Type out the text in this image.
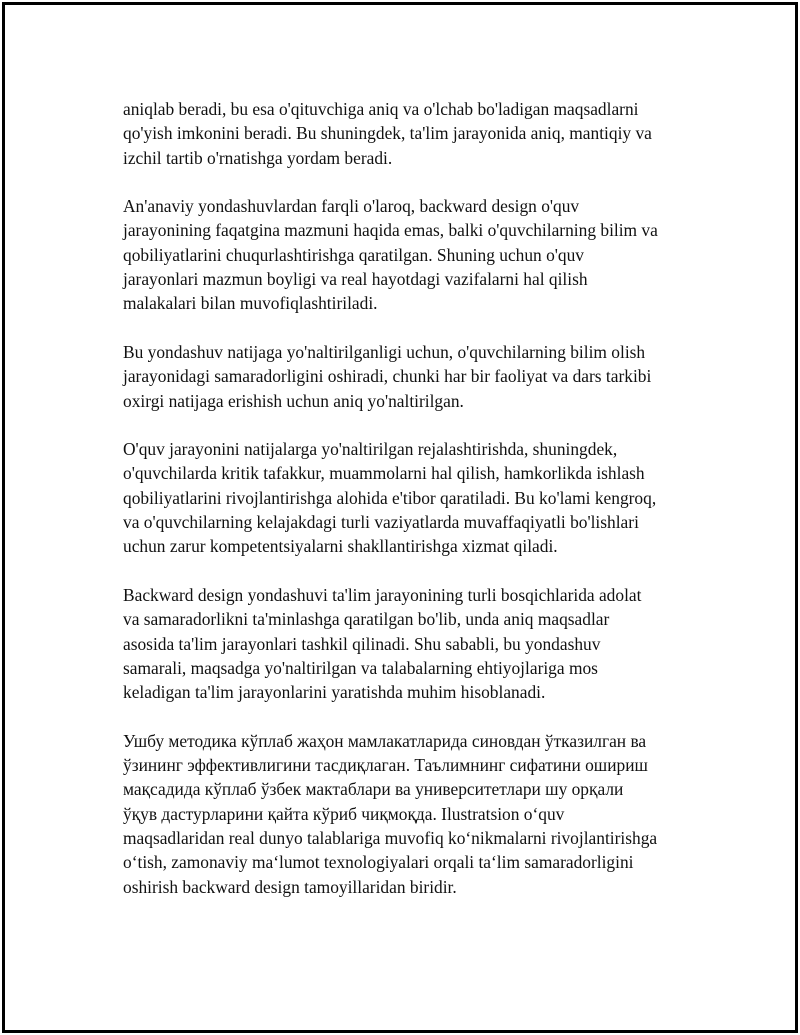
aniqlab beradi, bu esa o'qituvchiga aniq va o'lchab bo'ladigan maqsadlarni
qo'yish imkonini beradi. Bu shuningdek, ta'lim jarayonida aniq, mantiqiy va
izchil tartib o'rnatishga yordam beradi.

An'anaviy yondashuvlardan farqli o'laroq, backward design o'quv
jarayonining faqatgina mazmuni haqida emas, balki o'quvchilarning bilim va
qobiliyatlarini chuqurlashtirishga qaratilgan. Shuning uchun o'quv
jarayonlari mazmun boyligi va real hayotdagi vazifalarni hal qilish
malakalari bilan muvofiqlashtiriladi.

Bu yondashuv natijaga yo'naltirilganligi uchun, o'quvchilarning bilim olish
jarayonidagi samaradorligini oshiradi, chunki har bir faoliyat va dars tarkibi
oxirgi natijaga erishish uchun aniq yo'naltirilgan.

O'quv jarayonini natijalarga yo'naltirilgan rejalashtirishda, shuningdek,
o'quvchilarda kritik tafakkur, muammolarni hal qilish, hamkorlikda ishlash
qobiliyatlarini rivojlantirishga alohida e'tibor qaratiladi. Bu ko'lami kengroq,
va o'quvchilarning kelajakdagi turli vaziyatlarda muvaffaqiyatli bo'lishlari
uchun zarur kompetentsiyalarni shakllantirishga xizmat qiladi.

Backward design yondashuvi ta'lim jarayonining turli bosqichlarida adolat
va samaradorlikni ta'minlashga qaratilgan bo'lib, unda aniq maqsadlar
asosida ta'lim jarayonlari tashkil qilinadi. Shu sababli, bu yondashuv
samarali, maqsadga yo'naltirilgan va talabalarning ehtiyojlariga mos
keladigan ta'lim jarayonlarini yaratishda muhim hisoblanadi.

Ушбу методика кўплаб жаҳон мамлакатларида синовдан ўтказилган ва
ўзининг эффективлигини тасдиқлаган. Таълимнинг сифатини ошириш
мақсадида кўплаб ўзбек мактаблари ва университетлари шу орқали
ўқув дастурларини қайта кўриб чиқмоқда. Ilustratsion o‘quv
maqsadlaridan real dunyo talablariga muvofiq ko‘nikmalarni rivojlantirishga
o‘tish, zamonaviy ma‘lumot texnologiyalari orqali ta‘lim samaradorligini
oshirish backward design tamoyillaridan biridir.
